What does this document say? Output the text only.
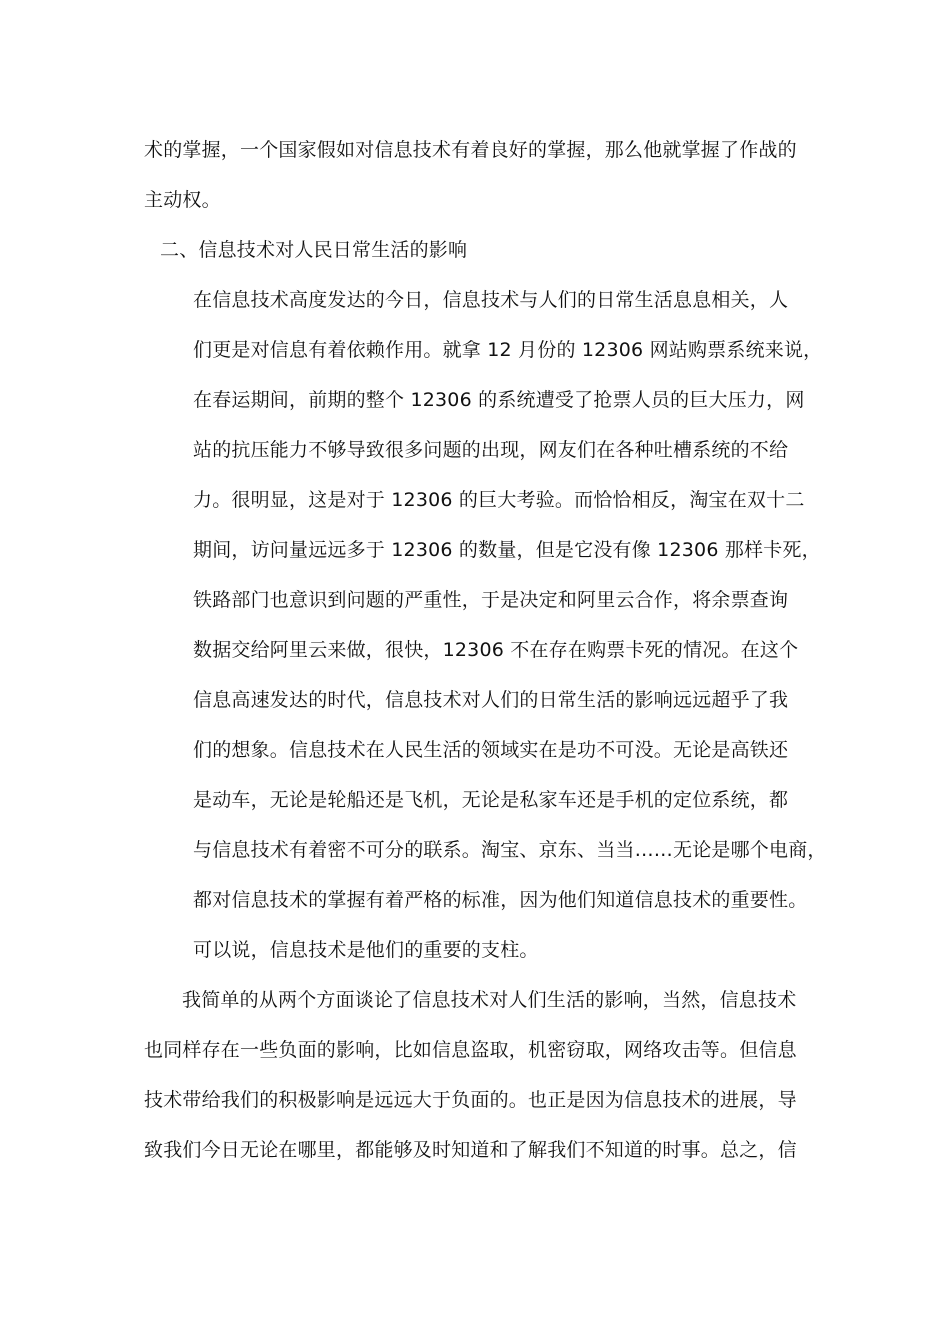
术的掌握，一个国家假如对信息技术有着良好的掌握，那么他就掌握了作战的
主动权。
二、信息技术对人民日常生活的影响
在信息技术高度发达的今日，信息技术与人们的日常生活息息相关，人
们更是对信息有着依赖作用。就拿 12 月份的 12306 网站购票系统来说，
在春运期间，前期的整个 12306 的系统遭受了抢票人员的巨大压力，网
站的抗压能力不够导致很多问题的出现，网友们在各种吐槽系统的不给
力。很明显，这是对于 12306 的巨大考验。而恰恰相反，淘宝在双十二
期间，访问量远远多于 12306 的数量，但是它没有像 12306 那样卡死，
铁路部门也意识到问题的严重性，于是决定和阿里云合作，将余票查询
数据交给阿里云来做，很快，12306 不在存在购票卡死的情况。在这个
信息高速发达的时代，信息技术对人们的日常生活的影响远远超乎了我
们的想象。信息技术在人民生活的领域实在是功不可没。无论是高铁还
是动车，无论是轮船还是飞机，无论是私家车还是手机的定位系统，都
与信息技术有着密不可分的联系。淘宝、京东、当当……无论是哪个电商，
都对信息技术的掌握有着严格的标准，因为他们知道信息技术的重要性。
可以说，信息技术是他们的重要的支柱。
我简单的从两个方面谈论了信息技术对人们生活的影响，当然，信息技术
也同样存在一些负面的影响，比如信息盗取，机密窃取，网络攻击等。但信息
技术带给我们的积极影响是远远大于负面的。也正是因为信息技术的进展，导
致我们今日无论在哪里，都能够及时知道和了解我们不知道的时事。总之，信
